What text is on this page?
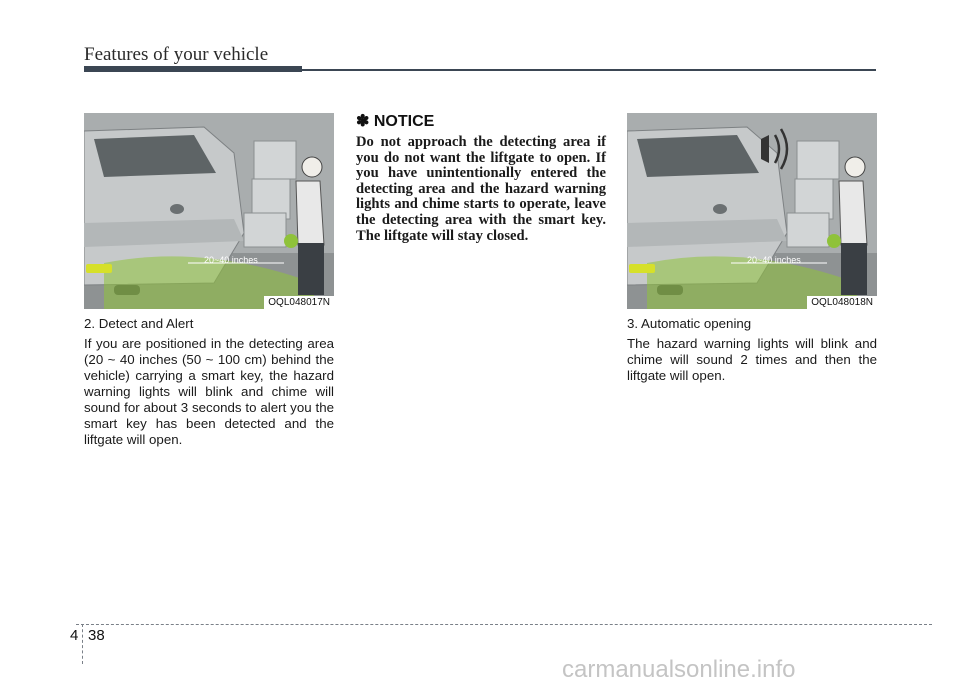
Features of your vehicle
20~40 inches
OQL048017N

2. Detect and Alert

If you are positioned in the detecting area (20 ~ 40 inches (50 ~ 100 cm) behind the vehicle) carrying a smart key, the hazard warning lights will blink and chime will sound for about 3 seconds to alert you the smart key has been detected and the liftgate will open.

✽ NOTICE

Do not approach the detecting area if you do not want the liftgate to open. If you have unintentionally entered the detecting area and the hazard warning lights and chime starts to operate, leave the detecting area with the smart key. The liftgate will stay closed.

20~40 inches
OQL048018N

3. Automatic opening

The hazard warning lights will blink and chime will sound 2 times and then the liftgate will open.

4 38
carmanualsonline.info
